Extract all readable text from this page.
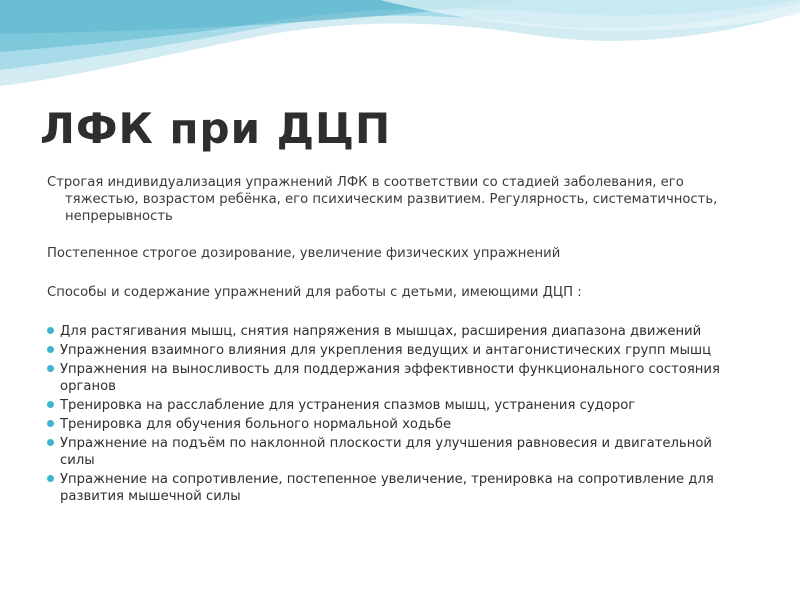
ЛФК при ДЦП

Строгая индивидуализация упражнений ЛФК в соответствии со стадией заболевания, его тяжестью, возрастом ребёнка, его психическим развитием. Регулярность, систематичность, непрерывность

Постепенное строгое дозирование, увеличение физических упражнений

Способы и содержание упражнений для работы с детьми, имеющими ДЦП :

Для растягивания мышц, снятия напряжения в мышцах, расширения диапазона движений
Упражнения взаимного влияния для укрепления ведущих и антагонистических групп мышц
Упражнения на выносливость для поддержания эффективности функционального состояния органов
Тренировка на расслабление для устранения спазмов мышц, устранения судорог
Тренировка для обучения больного нормальной ходьбе
Упражнение на подъём по наклонной плоскости для улучшения равновесия и двигательной силы
Упражнение на сопротивление, постепенное увеличение, тренировка на сопротивление для развития мышечной силы
